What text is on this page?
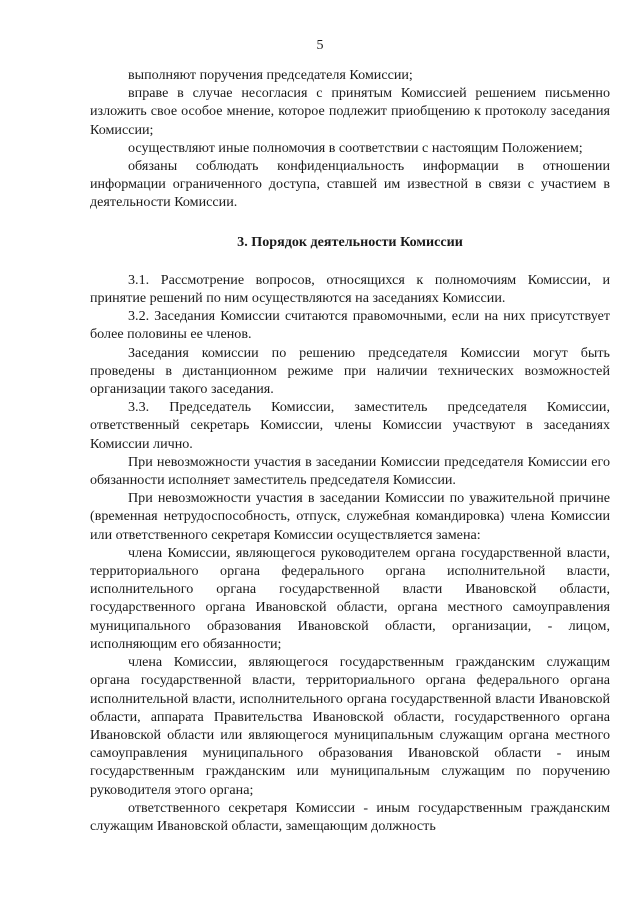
5

выполняют поручения председателя Комиссии;

вправе в случае несогласия с принятым Комиссией решением письменно изложить свое особое мнение, которое подлежит приобщению к протоколу заседания Комиссии;

осуществляют иные полномочия в соответствии с настоящим Положением;

обязаны соблюдать конфиденциальность информации в отношении информации ограниченного доступа, ставшей им известной в связи с участием в деятельности Комиссии.

3. Порядок деятельности Комиссии

3.1. Рассмотрение вопросов, относящихся к полномочиям Комиссии, и принятие решений по ним осуществляются на заседаниях Комиссии.

3.2. Заседания Комиссии считаются правомочными, если на них присутствует более половины ее членов.

Заседания комиссии по решению председателя Комиссии могут быть проведены в дистанционном режиме при наличии технических возможностей организации такого заседания.

3.3. Председатель Комиссии, заместитель председателя Комиссии, ответственный секретарь Комиссии, члены Комиссии участвуют в заседаниях Комиссии лично.

При невозможности участия в заседании Комиссии председателя Комиссии его обязанности исполняет заместитель председателя Комиссии.

При невозможности участия в заседании Комиссии по уважительной причине (временная нетрудоспособность, отпуск, служебная командировка) члена Комиссии или ответственного секретаря Комиссии осуществляется замена:

члена Комиссии, являющегося руководителем органа государственной власти, территориального органа федерального органа исполнительной власти, исполнительного органа государственной власти Ивановской области, государственного органа Ивановской области, органа местного самоуправления муниципального образования Ивановской области, организации, - лицом, исполняющим его обязанности;

члена Комиссии, являющегося государственным гражданским служащим органа государственной власти, территориального органа федерального органа исполнительной власти, исполнительного органа государственной власти Ивановской области, аппарата Правительства Ивановской области, государственного органа Ивановской области или являющегося муниципальным служащим органа местного самоуправления муниципального образования Ивановской области - иным государственным гражданским или муниципальным служащим по поручению руководителя этого органа;

ответственного секретаря Комиссии - иным государственным гражданским служащим Ивановской области, замещающим должность
